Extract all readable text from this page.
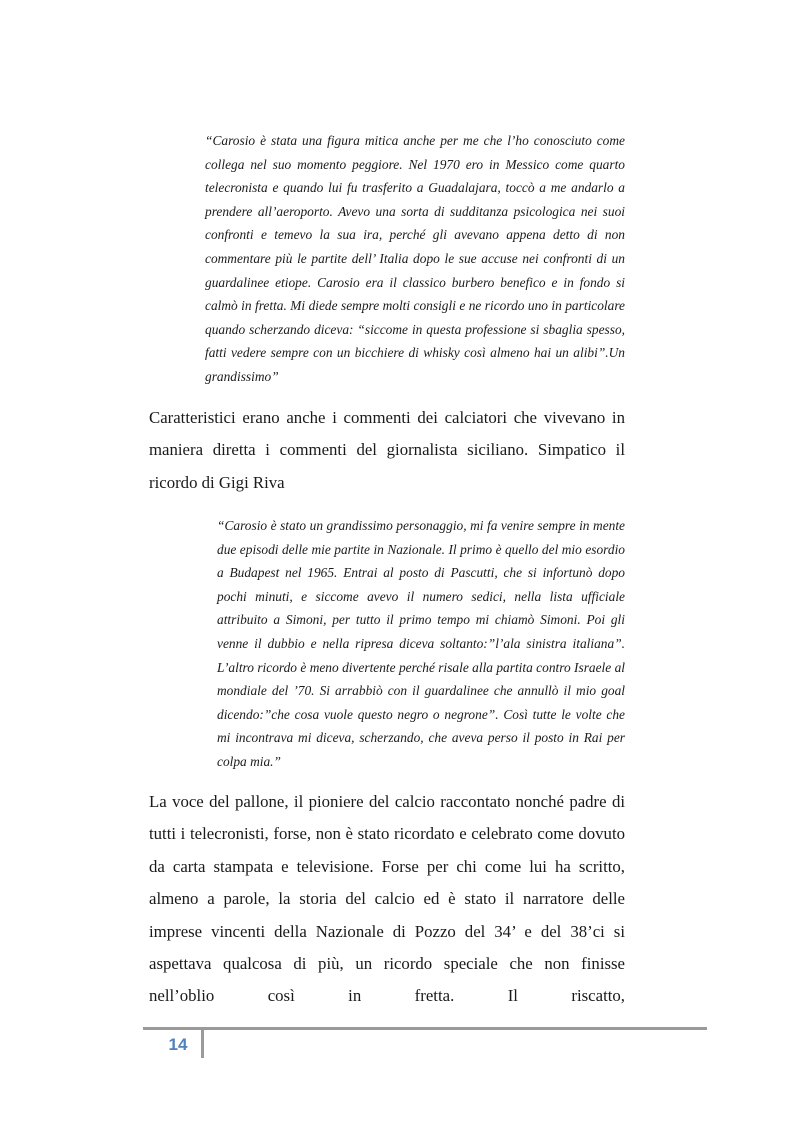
“Carosio è stata una figura mitica anche per me che l’ho conosciuto come collega nel suo momento peggiore. Nel 1970 ero in Messico come quarto telecronista e quando lui fu trasferito a Guadalajara, toccò a me andarlo a prendere all’aeroporto. Avevo una sorta di sudditanza psicologica nei suoi confronti e temevo la sua ira, perché gli avevano appena detto di non commentare più le partite dell’ Italia dopo le sue accuse nei confronti di un guardalinee etiope. Carosio era il classico burbero benefico e in fondo si calmò in fretta. Mi diede sempre molti consigli e ne ricordo uno in particolare quando scherzando diceva: “siccome in questa professione si sbaglia spesso, fatti vedere sempre con un bicchiere di whisky così almeno hai un alibi”.Un grandissimo”
Caratteristici erano anche i commenti dei calciatori che vivevano in maniera diretta i commenti del giornalista siciliano. Simpatico il ricordo di Gigi Riva
“Carosio è stato un grandissimo personaggio, mi fa venire sempre in mente due episodi delle mie partite in Nazionale. Il primo è quello del mio esordio a Budapest nel 1965. Entrai al posto di Pascutti, che si infortunò dopo pochi minuti, e siccome avevo il numero sedici, nella lista ufficiale attribuito a Simoni, per tutto il primo tempo mi chiamò Simoni. Poi gli venne il dubbio e nella ripresa diceva soltanto:”l’ala sinistra italiana”. L’altro ricordo è meno divertente perché risale alla partita contro Israele al mondiale del ’70. Si arrabbiò con il guardalinee che annullò il mio goal dicendo:”che cosa vuole questo negro o negrone”. Così tutte le volte che mi incontrava mi diceva, scherzando, che aveva perso il posto in Rai per colpa mia.”
La voce del pallone, il pioniere del calcio raccontato nonché padre di tutti i telecronisti, forse, non è stato ricordato e celebrato come dovuto da carta stampata e televisione. Forse per chi come lui ha scritto, almeno a parole, la storia del calcio ed è stato il narratore delle imprese vincenti della Nazionale di Pozzo del 34’ e del 38’ci si aspettava qualcosa di più, un ricordo speciale che non finisse nell’oblio così in fretta. Il riscatto,
14
